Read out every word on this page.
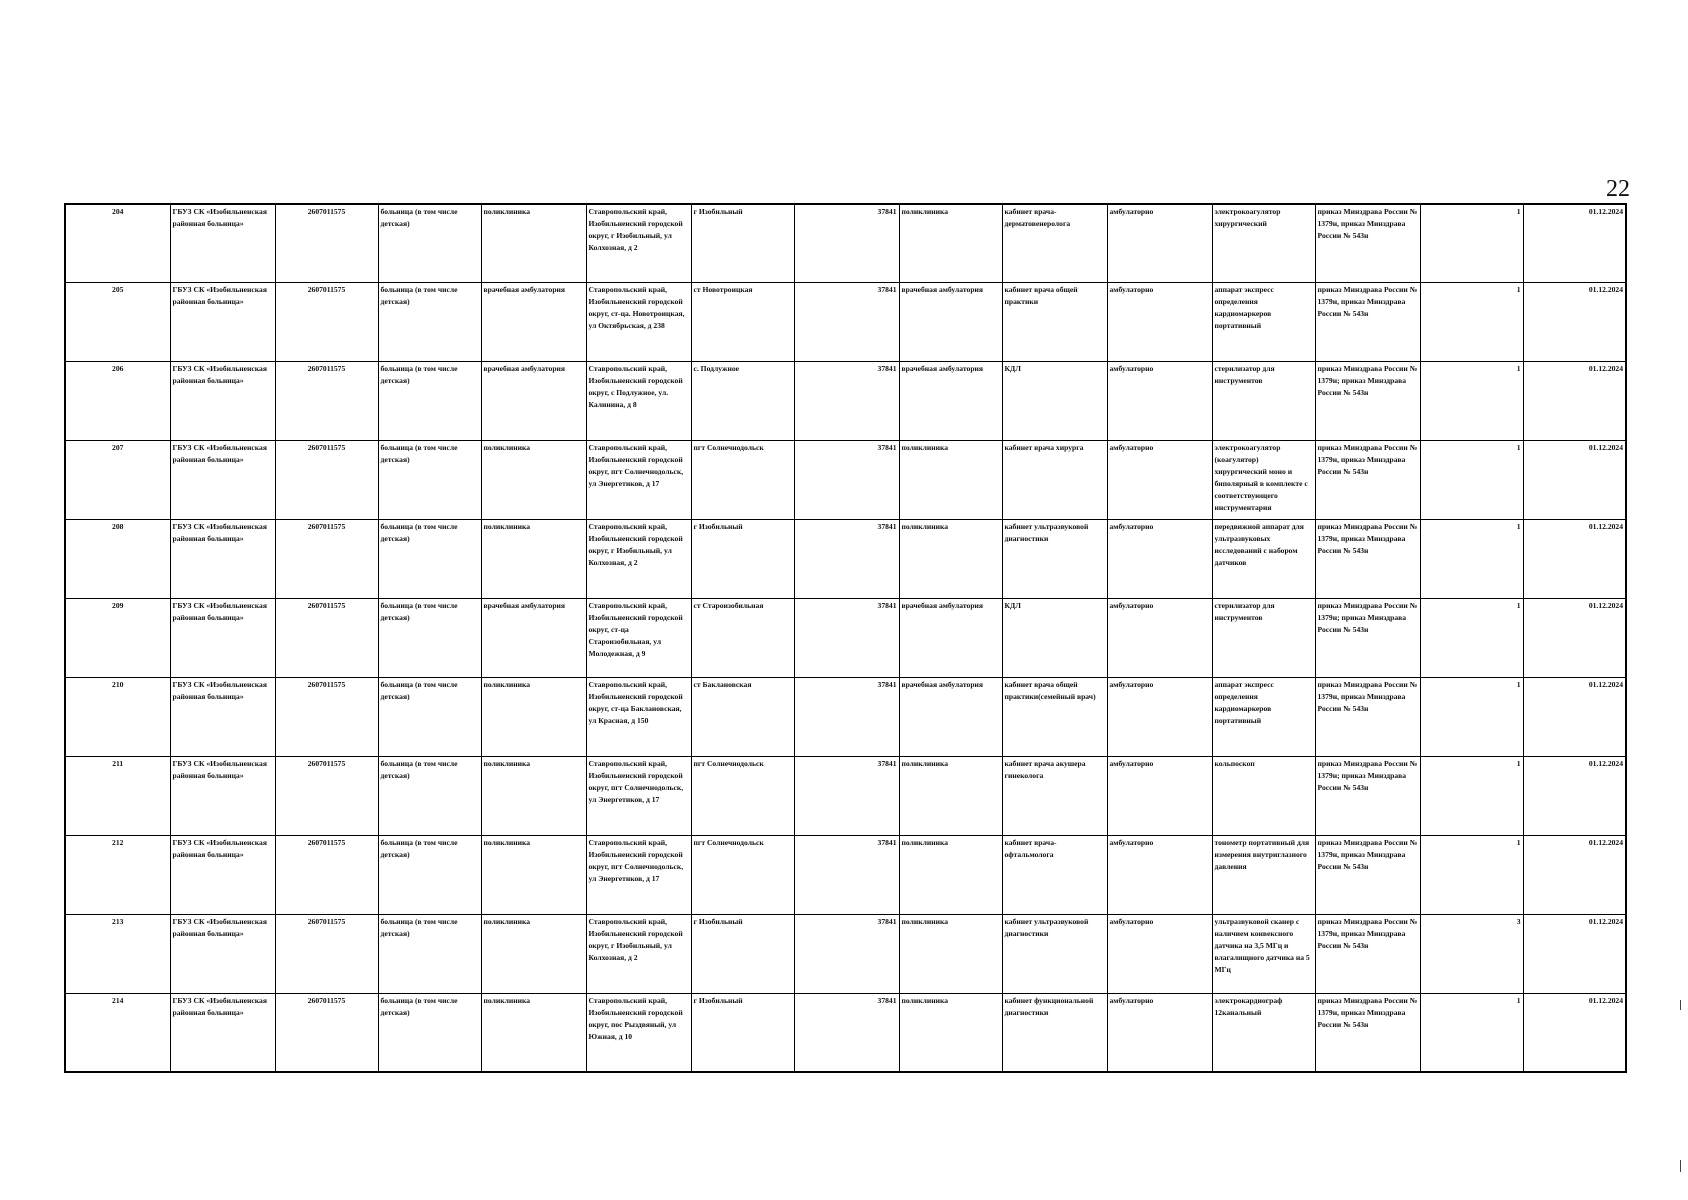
22
204	ГБУЗ СК «Изобильненская районная больница»	2607011575	больница (в том числе детская)	поликлиника	Ставропольский край, Изобильненский городской округ, г Изобильный, ул Колхозная, д 2	г Изобильный	37841	поликлиника	кабинет врача-дерматовенеролога	амбулаторно	электрокоагулятор хирургический	приказ Минздрава России № 1379н, приказ Минздрава России № 543н	1	01.12.2024
205	ГБУЗ СК «Изобильненская районная больница»	2607011575	больница (в том числе детская)	врачебная амбулатория	Ставропольский край, Изобильненский городской округ, ст-ца. Новотроицкая, ул Октябрьская, д 238	ст Новотроицкая	37841	врачебная амбулатория	кабинет врача общей практики	амбулаторно	аппарат экспресс определения кардиомаркеров портативный	приказ Минздрава России № 1379н, приказ Минздрава России № 543н	1	01.12.2024
206	ГБУЗ СК «Изобильненская районная больница»	2607011575	больница (в том числе детская)	врачебная амбулатория	Ставропольский край, Изобильненский городской округ, с Подлужное, ул. Калинина, д 8	с. Подлужное	37841	врачебная амбулатория	КДЛ	амбулаторно	стерилизатор для инструментов	приказ Минздрава России № 1379н; приказ Минздрава России № 543н	1	01.12.2024
207	ГБУЗ СК «Изобильненская районная больница»	2607011575	больница (в том числе детская)	поликлиника	Ставропольский край, Изобильненский городской округ, пгт Солнечнодольск, ул Энергетиков, д 17	пгт Солнечнодольск	37841	поликлиника	кабинет врача хирурга	амбулаторно	электрокоагулятор (коагулятор) хирургический моно и биполярный в комплекте с соответствующего инструментария	приказ Минздрава России № 1379н, приказ Минздрава России № 543н	1	01.12.2024
208	ГБУЗ СК «Изобильненская районная больница»	2607011575	больница (в том числе детская)	поликлиника	Ставропольский край, Изобильненский городской округ, г Изобильный, ул Колхозная, д 2	г Изобильный	37841	поликлиника	кабинет ультразвуковой диагностики	амбулаторно	передвижной аппарат для ультразвуковых исследований с набором датчиков	приказ Минздрава России № 1379н, приказ Минздрава России № 543н	1	01.12.2024
209	ГБУЗ СК «Изобильненская районная больница»	2607011575	больница (в том числе детская)	врачебная амбулатория	Ставропольский край, Изобильненский городской округ, ст-ца Староизобильная, ул Молодежная, д 9	ст Староизобильная	37841	врачебная амбулатория	КДЛ	амбулаторно	стерилизатор для инструментов	приказ Минздрава России № 1379н; приказ Минздрава России № 543н	1	01.12.2024
210	ГБУЗ СК «Изобильненская районная больница»	2607011575	больница (в том числе детская)	поликлиника	Ставропольский край, Изобильненский городской округ, ст-ца Баклановская, ул Красная, д 150	ст Баклановская	37841	врачебная амбулатория	кабинет врача общей практики(семейный врач)	амбулаторно	аппарат экспресс определения кардиомаркеров портативный	приказ Минздрава России № 1379н, приказ Минздрава России № 543н	1	01.12.2024
211	ГБУЗ СК «Изобильненская районная больница»	2607011575	больница (в том числе детская)	поликлиника	Ставропольский край, Изобильненский городской округ, пгт Солнечнодольск, ул Энергетиков, д 17	пгт Солнечнодольск	37841	поликлиника	кабинет врача акушера гинеколога	амбулаторно	кольпоскоп	приказ Минздрава России № 1379н; приказ Минздрава России № 543н	1	01.12.2024
212	ГБУЗ СК «Изобильненская районная больница»	2607011575	больница (в том числе детская)	поликлиника	Ставропольский край, Изобильненский городской округ, пгт Солнечнодольск, ул Энергетиков, д 17	пгт Солнечнодольск	37841	поликлиника	кабинет врача-офтальмолога	амбулаторно	тонометр портативный для измерения внутриглазного давления	приказ Минздрава России № 1379н, приказ Минздрава России № 543н	1	01.12.2024
213	ГБУЗ СК «Изобильненская районная больница»	2607011575	больница (в том числе детская)	поликлиника	Ставропольский край, Изобильненский городской округ, г Изобильный, ул Колхозная, д 2	г Изобильный	37841	поликлиника	кабинет ультразвуковой диагностики	амбулаторно	ультразвуковой сканер с наличием конвексного датчика на 3,5 МГц и влагалищного датчика на 5 МГц	приказ Минздрава России № 1379н, приказ Минздрава России № 543н	3	01.12.2024
214	ГБУЗ СК «Изобильненская районная больница»	2607011575	больница (в том числе детская)	поликлиника	Ставропольский край, Изобильненский городской округ, пос Рыздвяный, ул Южная, д 10	г Изобильный	37841	поликлиника	кабинет функциональной диагностики	амбулаторно	электрокардиограф 12канальный	приказ Минздрава России № 1379н, приказ Минздрава России № 543н	1	01.12.2024
